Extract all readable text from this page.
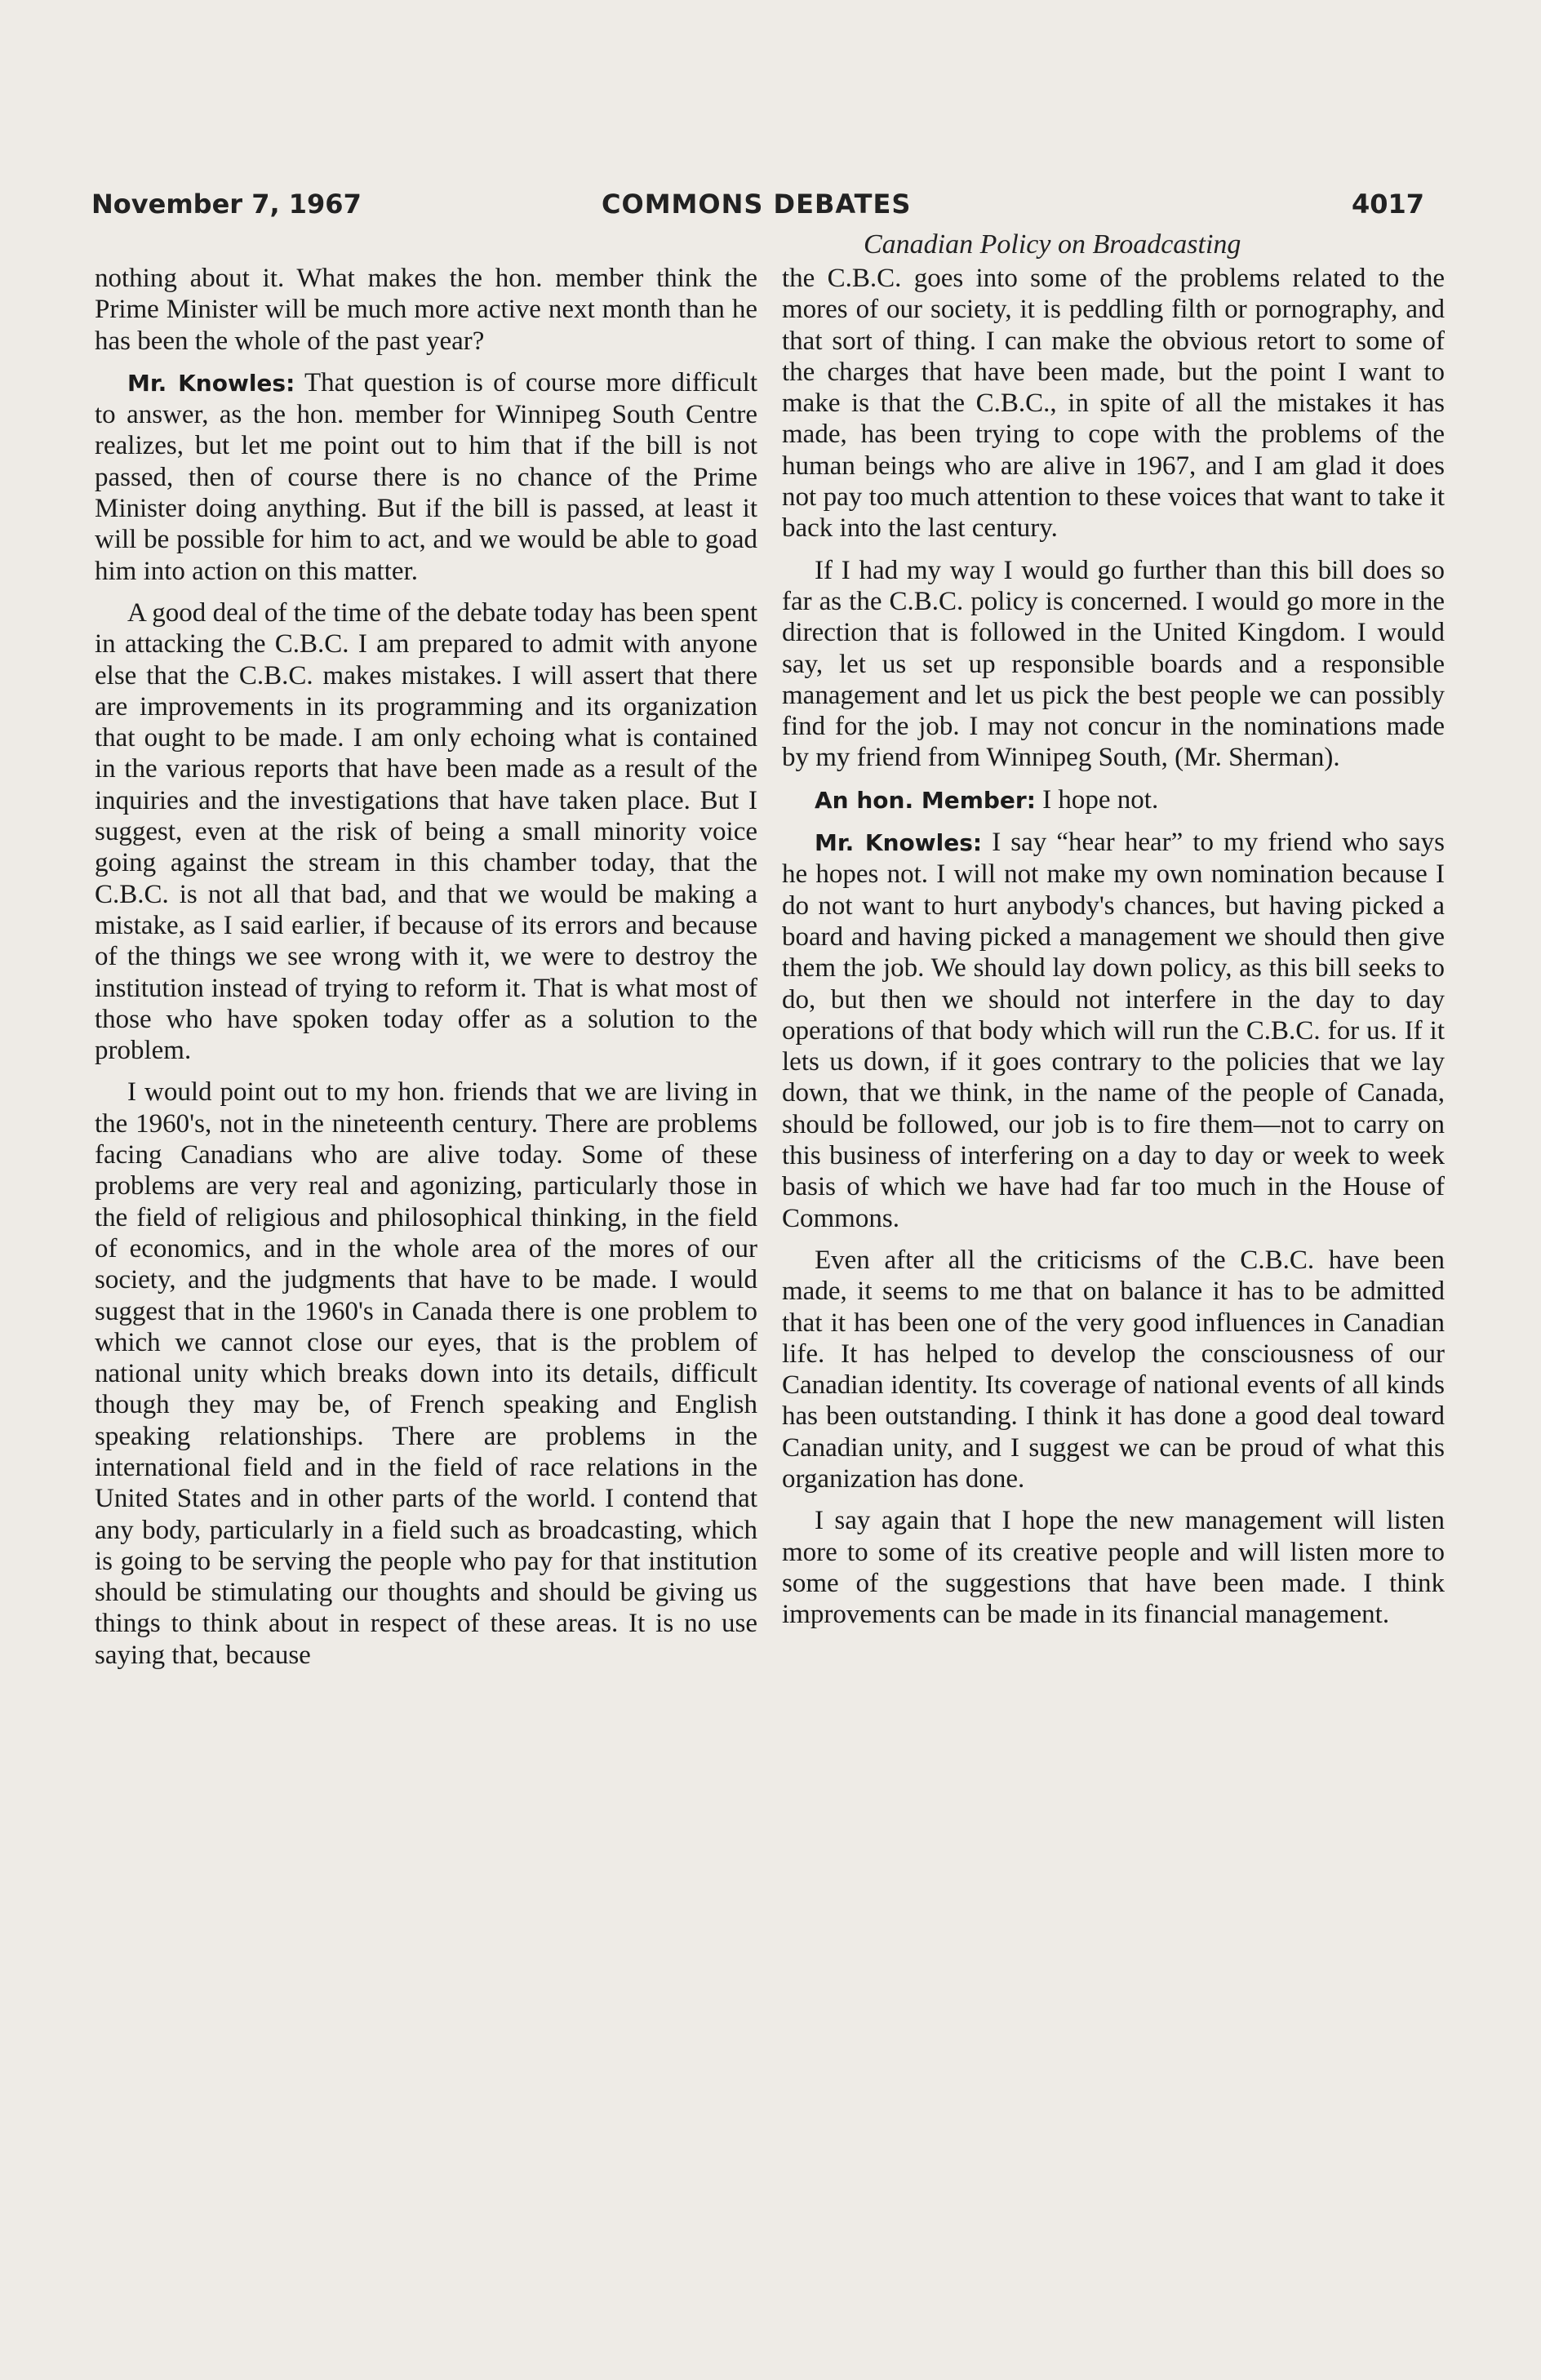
November 7, 1967	COMMONS DEBATES	4017
Canadian Policy on Broadcasting

nothing about it. What makes the hon. member think the Prime Minister will be much more active next month than he has been the whole of the past year?

Mr. Knowles: That question is of course more difficult to answer, as the hon. member for Winnipeg South Centre realizes, but let me point out to him that if the bill is not passed, then of course there is no chance of the Prime Minister doing anything. But if the bill is passed, at least it will be possible for him to act, and we would be able to goad him into action on this matter.

A good deal of the time of the debate today has been spent in attacking the C.B.C. I am prepared to admit with anyone else that the C.B.C. makes mistakes. I will assert that there are improvements in its programming and its organization that ought to be made. I am only echoing what is contained in the various reports that have been made as a result of the inquiries and the investigations that have taken place. But I suggest, even at the risk of being a small minority voice going against the stream in this chamber today, that the C.B.C. is not all that bad, and that we would be making a mistake, as I said earlier, if because of its errors and because of the things we see wrong with it, we were to destroy the institution instead of trying to reform it. That is what most of those who have spoken today offer as a solution to the problem.

I would point out to my hon. friends that we are living in the 1960's, not in the nineteenth century. There are problems facing Canadians who are alive today. Some of these problems are very real and agonizing, particularly those in the field of religious and philosophical thinking, in the field of economics, and in the whole area of the mores of our society, and the judgments that have to be made. I would suggest that in the 1960's in Canada there is one problem to which we cannot close our eyes, that is the problem of national unity which breaks down into its details, difficult though they may be, of French speaking and English speaking relationships. There are problems in the international field and in the field of race relations in the United States and in other parts of the world. I contend that any body, particularly in a field such as broadcasting, which is going to be serving the people who pay for that institution should be stimulating our thoughts and should be giving us things to think about in respect of these areas. It is no use saying that, because

the C.B.C. goes into some of the problems related to the mores of our society, it is peddling filth or pornography, and that sort of thing. I can make the obvious retort to some of the charges that have been made, but the point I want to make is that the C.B.C., in spite of all the mistakes it has made, has been trying to cope with the problems of the human beings who are alive in 1967, and I am glad it does not pay too much attention to these voices that want to take it back into the last century.

If I had my way I would go further than this bill does so far as the C.B.C. policy is concerned. I would go more in the direction that is followed in the United Kingdom. I would say, let us set up responsible boards and a responsible management and let us pick the best people we can possibly find for the job. I may not concur in the nominations made by my friend from Winnipeg South, (Mr. Sherman).

An hon. Member: I hope not.

Mr. Knowles: I say “hear hear” to my friend who says he hopes not. I will not make my own nomination because I do not want to hurt anybody's chances, but having picked a board and having picked a management we should then give them the job. We should lay down policy, as this bill seeks to do, but then we should not interfere in the day to day operations of that body which will run the C.B.C. for us. If it lets us down, if it goes contrary to the policies that we lay down, that we think, in the name of the people of Canada, should be followed, our job is to fire them—not to carry on this business of interfering on a day to day or week to week basis of which we have had far too much in the House of Commons.

Even after all the criticisms of the C.B.C. have been made, it seems to me that on balance it has to be admitted that it has been one of the very good influences in Canadian life. It has helped to develop the consciousness of our Canadian identity. Its coverage of national events of all kinds has been outstanding. I think it has done a good deal toward Canadian unity, and I suggest we can be proud of what this organization has done.

I say again that I hope the new management will listen more to some of its creative people and will listen more to some of the suggestions that have been made. I think improvements can be made in its financial management.
